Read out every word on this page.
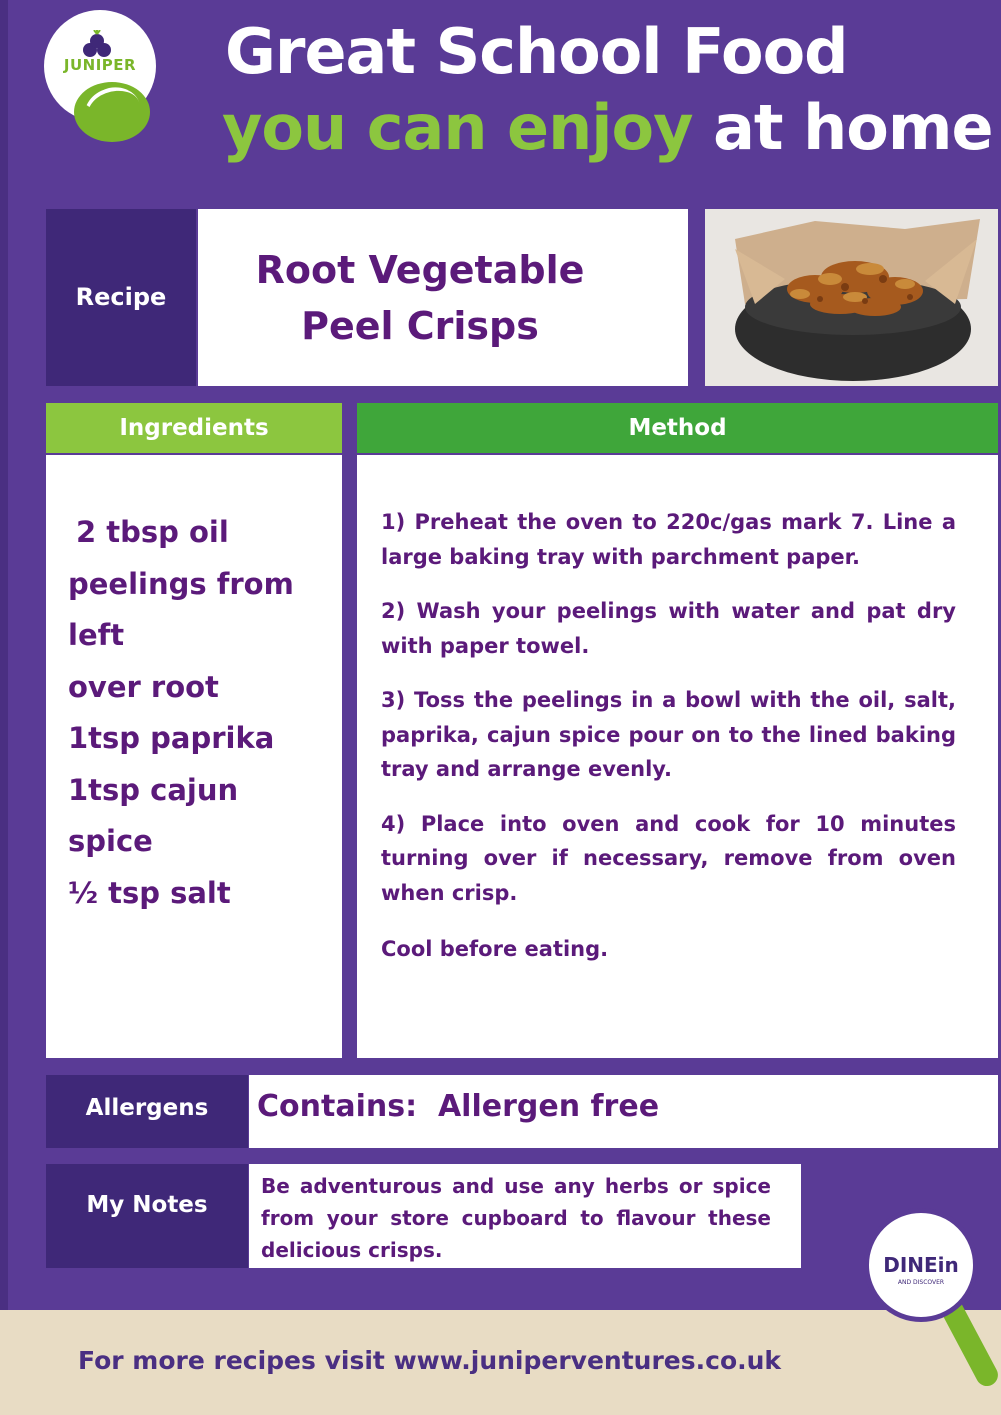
JUNIPER	Great School Food
you can enjoy at home
Recipe
Root Vegetable
Peel Crisps
Ingredients
2 tbsp oil
peelings from
left
over root
1tsp paprika
1tsp cajun
spice
½ tsp salt
Method

1) Preheat the oven to 220c/gas mark 7. Line a large baking tray with parchment paper.

2) Wash your peelings with water and pat dry with paper towel.

3) Toss the peelings in a bowl with the oil, salt, paprika, cajun spice pour on to the lined baking tray and arrange evenly.

4) Place into oven and cook for 10 minutes turning over if necessary, remove from oven when crisp.

Cool before eating.

Allergens	Contains:  Allergen free
My Notes

Be adventurous and use any herbs or spice from your store cupboard to flavour these delicious crisps.

For more recipes visit www.juniperventures.co.uk
DINEin
AND DISCOVER
